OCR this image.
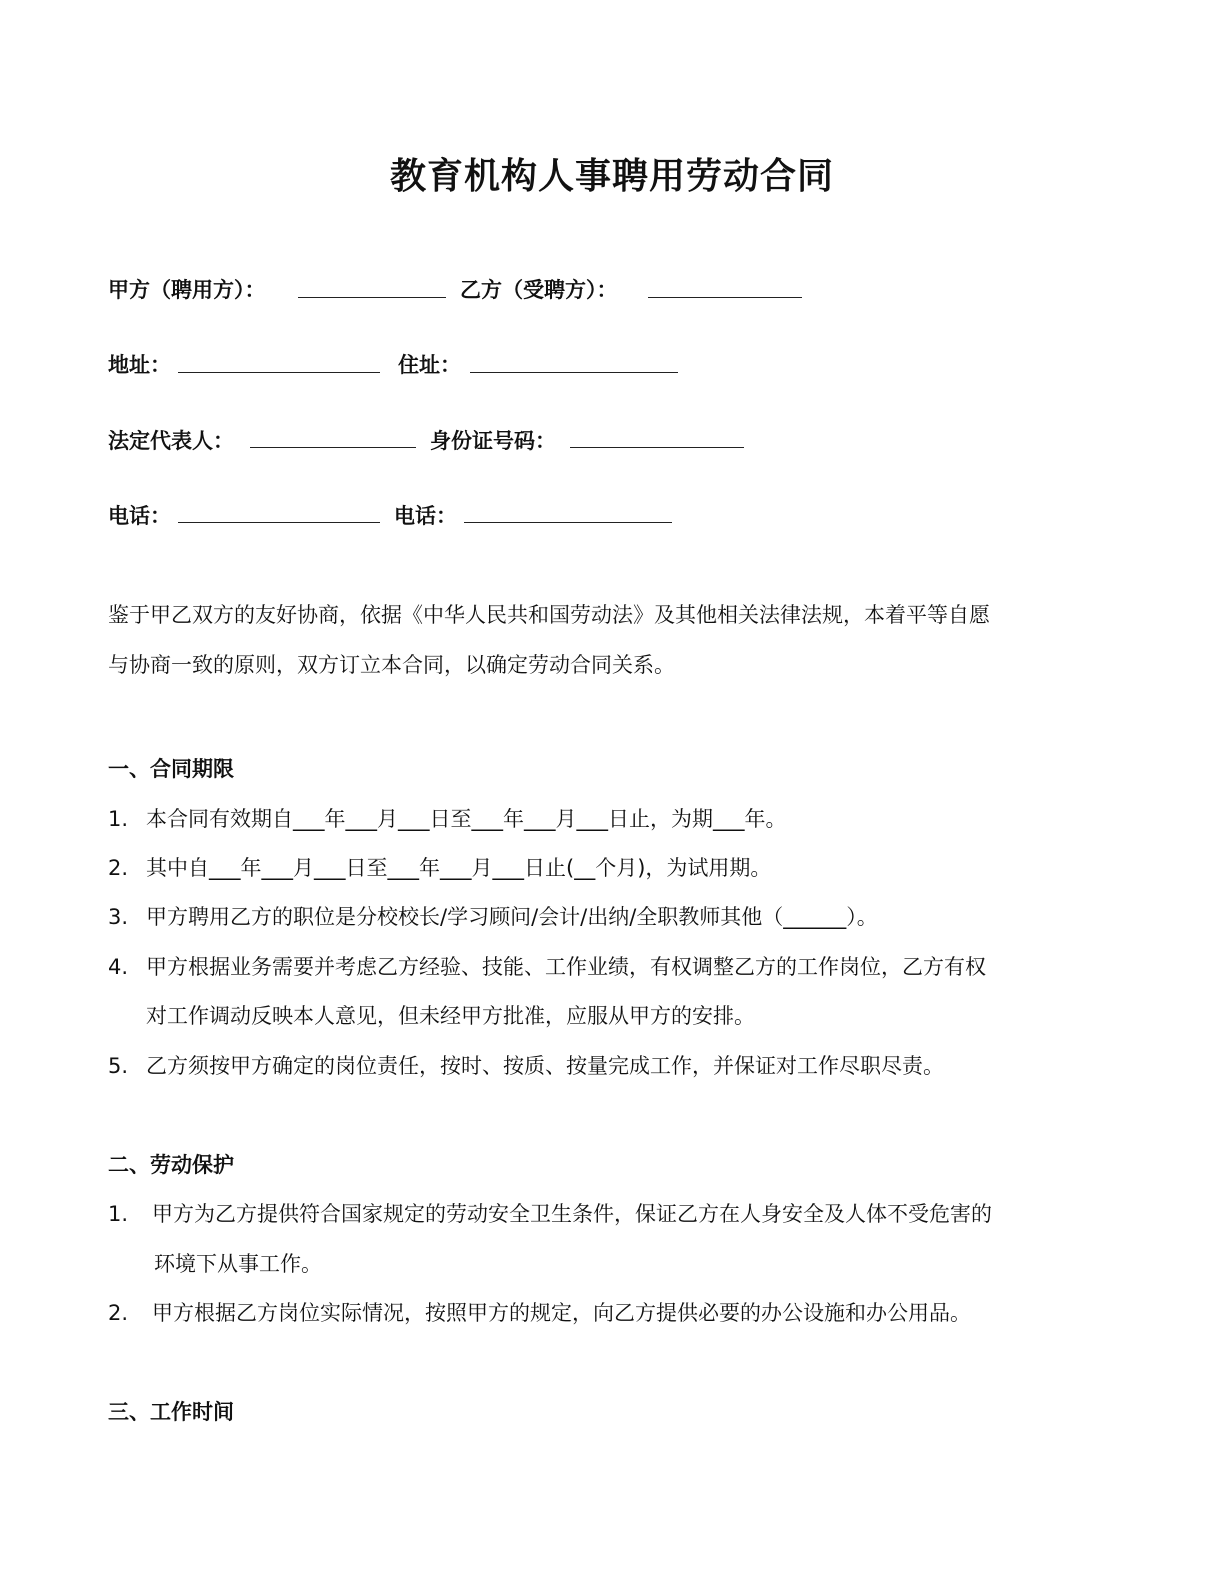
教育机构人事聘用劳动合同
甲方（聘用方）：	乙方（受聘方）：
地址：	住址：
法定代表人：	身份证号码：
电话：	电话：
鉴于甲乙双方的友好协商，依据《中华人民共和国劳动法》及其他相关法律法规，本着平等自愿
与协商一致的原则，双方订立本合同，以确定劳动合同关系。
一、合同期限
1. 本合同有效期自___年___月___日至___年___月___日止，为期___年。
2. 其中自___年___月___日至___年___月___日止(__个月)，为试用期。
3. 甲方聘用乙方的职位是分校校长/学习顾问/会计/出纳/全职教师其他（______）。
4. 甲方根据业务需要并考虑乙方经验、技能、工作业绩，有权调整乙方的工作岗位，乙方有权
对工作调动反映本人意见，但未经甲方批准，应服从甲方的安排。
5. 乙方须按甲方确定的岗位责任，按时、按质、按量完成工作，并保证对工作尽职尽责。
二、劳动保护
1. 甲方为乙方提供符合国家规定的劳动安全卫生条件，保证乙方在人身安全及人体不受危害的
环境下从事工作。
2. 甲方根据乙方岗位实际情况，按照甲方的规定，向乙方提供必要的办公设施和办公用品。
三、工作时间
